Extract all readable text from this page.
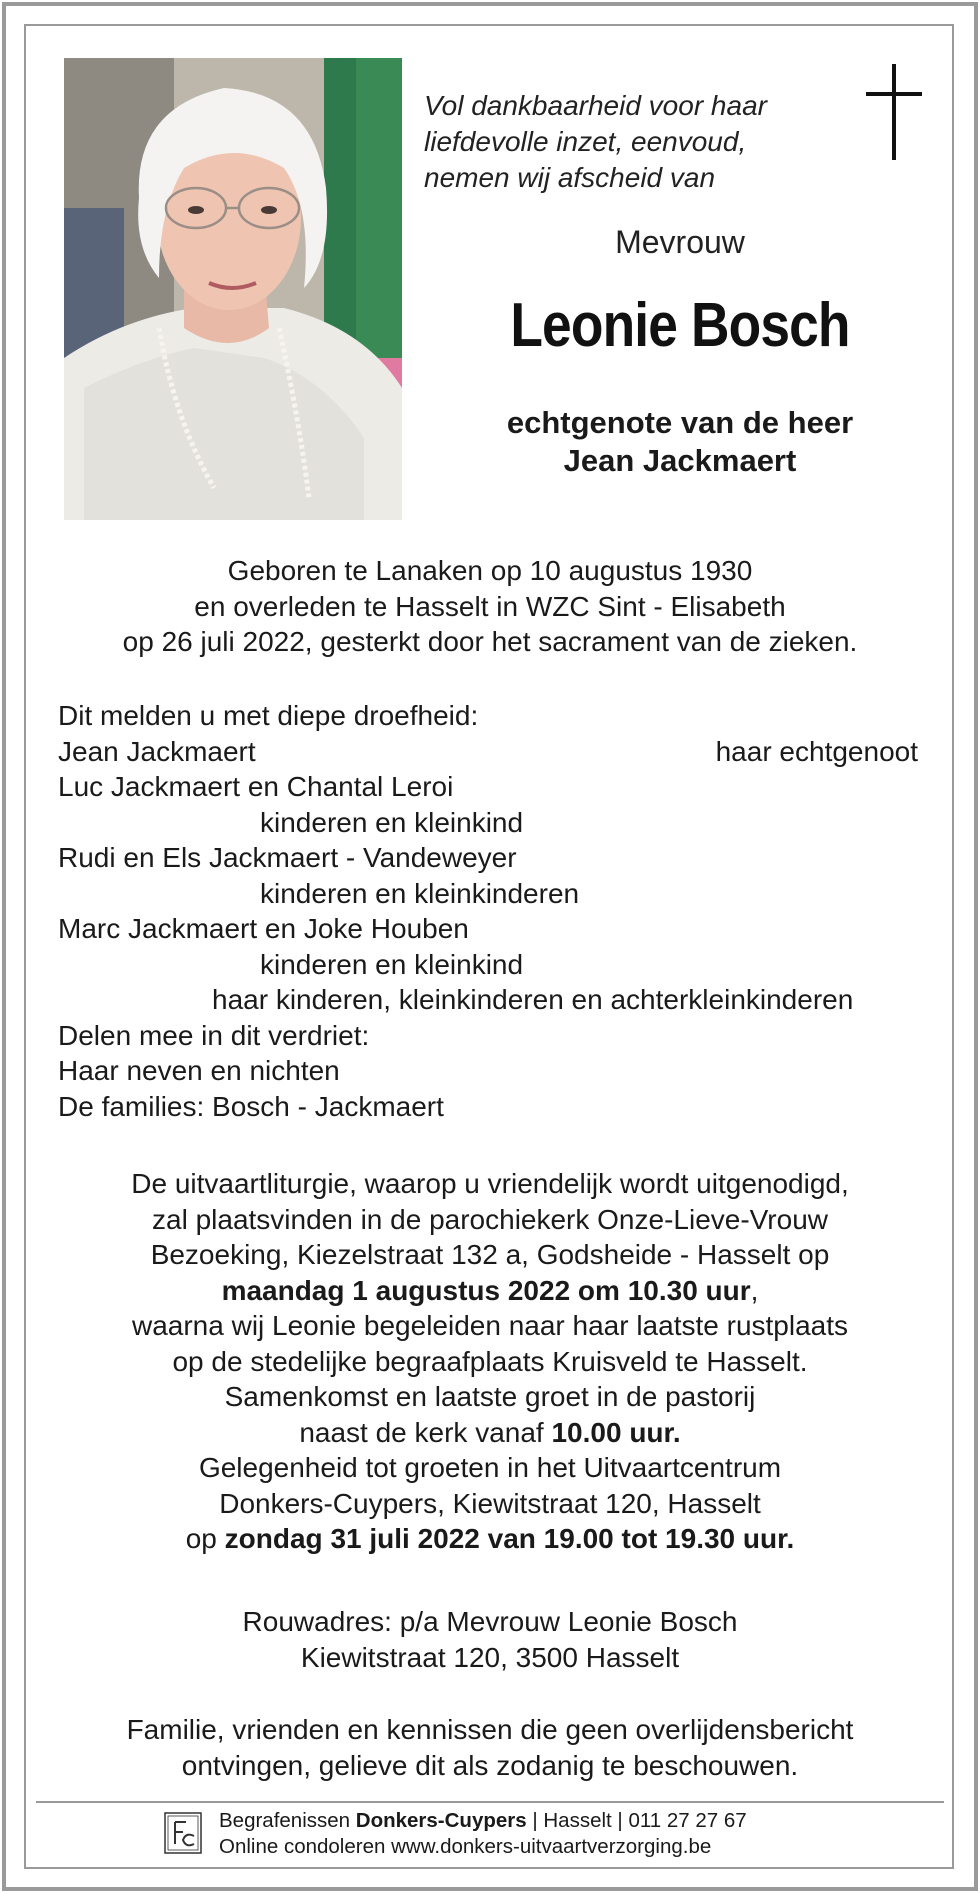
Vol dankbaarheid voor haar
liefdevolle inzet, eenvoud,
nemen wij afscheid van
Mevrouw
Leonie Bosch
echtgenote van de heer
Jean Jackmaert
Geboren te Lanaken op 10 augustus 1930
en overleden te Hasselt in WZC Sint - Elisabeth
op 26 juli 2022, gesterkt door het sacrament van de zieken.
Dit melden u met diepe droefheid:
Jean Jackmaert	haar echtgenoot
Luc Jackmaert en Chantal Leroi
kinderen en kleinkind
Rudi en Els Jackmaert - Vandeweyer
kinderen en kleinkinderen
Marc Jackmaert en Joke Houben
kinderen en kleinkind
haar kinderen, kleinkinderen en achterkleinkinderen
Delen mee in dit verdriet:
Haar neven en nichten
De families: Bosch - Jackmaert
De uitvaartliturgie, waarop u vriendelijk wordt uitgenodigd,
zal plaatsvinden in de parochiekerk Onze-Lieve-Vrouw
Bezoeking, Kiezelstraat 132 a, Godsheide - Hasselt op
maandag 1 augustus 2022 om 10.30 uur,
waarna wij Leonie begeleiden naar haar laatste rustplaats
op de stedelijke begraafplaats Kruisveld te Hasselt.
Samenkomst en laatste groet in de pastorij
naast de kerk vanaf 10.00 uur.
Gelegenheid tot groeten in het Uitvaartcentrum
Donkers-Cuypers, Kiewitstraat 120, Hasselt
op zondag 31 juli 2022 van 19.00 tot 19.30 uur.
Rouwadres: p/a Mevrouw Leonie Bosch
Kiewitstraat 120, 3500 Hasselt
Familie, vrienden en kennissen die geen overlijdensbericht
ontvingen, gelieve dit als zodanig te beschouwen.
Begrafenissen Donkers-Cuypers | Hasselt | 011 27 27 67
Online condoleren www.donkers-uitvaartverzorging.be
